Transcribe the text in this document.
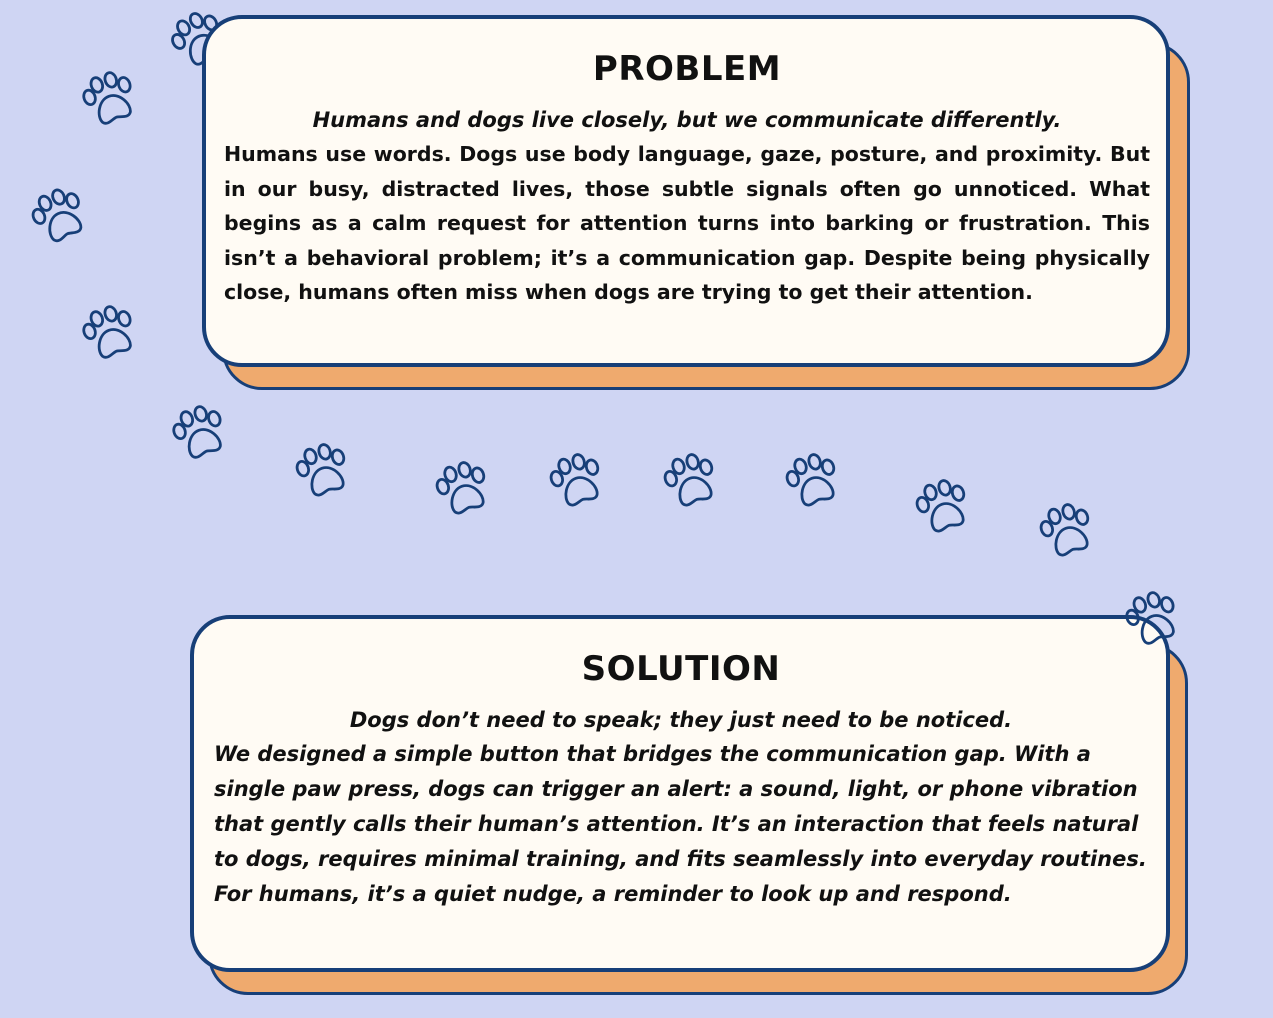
PROBLEM
Humans and dogs live closely, but we communicate differently.
Humans use words. Dogs use body language, gaze, posture, and proximity. But in our busy, distracted lives, those subtle signals often go unnoticed. What begins as a calm request for attention turns into barking or frustration. This isn’t a behavioral problem; it’s a communication gap. Despite being physically close, humans often miss when dogs are trying to get their attention.
SOLUTION
Dogs don’t need to speak; they just need to be noticed.
We designed a simple button that bridges the communication gap. With a single paw press, dogs can trigger an alert: a sound, light, or phone vibration that gently calls their human’s attention. It’s an interaction that feels natural to dogs, requires minimal training, and fits seamlessly into everyday routines. For humans, it’s a quiet nudge, a reminder to look up and respond.
